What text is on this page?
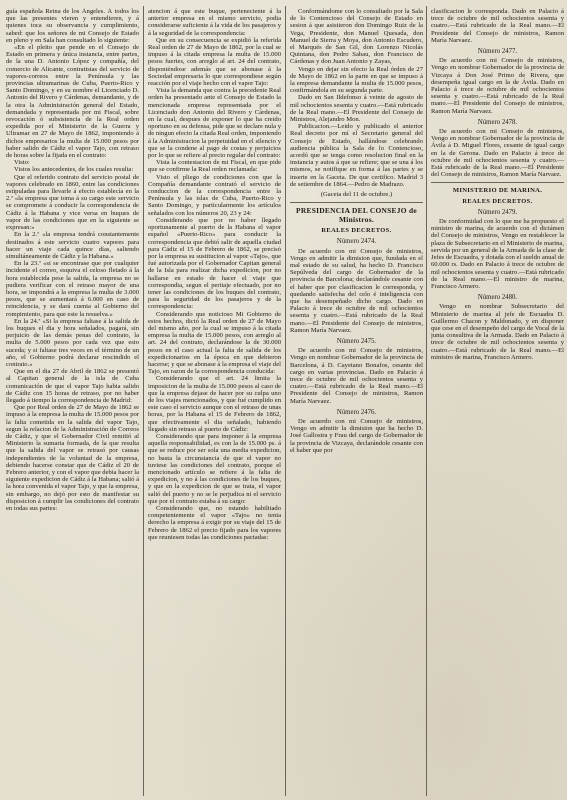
guía española Reina de los Ángeles. Á todos los que las presentes vieren y entendieren, y á quienes toca su observancia y cumplimiento, sabed: que los señores de mi Consejo de Estado en pleno y en Sala han consultado lo siguiente:

«En el pleito que pende en el Consejo de Estado en primera y única instancia, entre partes, de la una D. Antonio López y compañía, del comercio de Alicante, contratistas del servicio de vapores-correos entre la Península y las provincias ultramarinas de Cuba, Puerto-Rico y Santo Domingo, y en su nombre el Licenciado D. Antonio del Rivero y Cárdenas, demandante, y de la otra la Administración general del Estado, demandada y representada por mi Fiscal, sobre revocación ó subsistencia de la Real orden expedida por el Ministerio de la Guerra y Ultramar en 27 de Mayo de 1862, imponiendo á dichos empresarios la multa de 15.000 pesos por haber salido de Cádiz el vapor Tajo, con retraso de horas sobre la fijada en el contrato:

Visto:

Vistos los antecedentes, de los cuales resulta:

Que el referido contrato del servicio postal de vapores celebrado en 1860, entre las condiciones estipuladas para llevarle á efecto establecía en la 2.ª «la empresa que toma á su cargo este servicio se compromete á conducir la correspondencia de Cádiz á la Habana y vice versa en buques de vapor de las condiciones que en la siguiente se expresan:»

En la 2.ª «la empresa tendrá constantemente destinados á este servicio cuatro vapores para hacer un viaje cada quince días, saliendo simultáneamente de Cádiz y la Habana.»

En la 23.ª «si se encontrase que por cualquier incidente el correo, esquiva el celoso fletado á la hora establecida pese la salida, la empresa no se pudiera verificar con el retraso mayor de una hora, se impondrá a la empresa la multa de 3.000 pesos, que se aumentará á 6.000 en caso de reincidencia, y se dará cuenta al Gobierno del rompimiento, para que este la resuelva.»

En la 24.ª «Si la empresa faltase á la salida de los buques el dia y hora señalados, pagará, sin perjuicio de las demás penas del contrato, la multa de 5.000 pesos por cada vez que esto suceda; y si faltase tres veces en el término de un año, el Gobierno podrá declarar rescindido el contrato.»

Que en el dia 27 de Abril de 1862 se presentó al Capitan general de la isla de Cuba comunicación de que el vapor Tajo habia salido de Cádiz con 15 horas de retraso, por no haber llegado á tiempo la correspondencia de Madrid:

Que por Real orden de 27 de Mayo de 1862 se impuso á la empresa la multa de 15.000 pesos por la falta cometida en la salida del vapor Tajo, segun la relacion de la Administración de Correos de Cádiz, y que el Gobernador Civil remitió al Ministerio la sumaria formada, de la que resulta que la salida del vapor se retrasó por causas independientes de la voluntad de la empresa, debiendo hacerse constar que de Cádiz el 20 de Febrero anterior, y con el vapor que debia hacer la siguiente expedicion de Cádiz á la Habana; salió á la hora convenida el vapor Tajo, y que la empresa, sin embargo, no dejó por esto de manifestar su disposicion á cumplir las condiciones del contrato en todas sus partes:

atencion á que este buque, perteneciente á la anterior empresa en el mismo servicio, podia considerarse suficiente á la vida de los pasajeros y á la seguridad de la correspondencia:

Que en su consecuencia se expidió la referida Real orden de 27 de Mayo de 1862, por la cual se impuso á la citada empresa la multa de 15.000 pesos fuertes, con arreglo al art. 24 del contrato, disponiéndose además que se abonase á la Sociedad empresaria lo que correspondiese según reacción por el viaje hecho con el vapor Tajo:

Vista la demanda que contra la precedente Real orden ha presentado ante el Consejo de Estado la mencionada empresa representada por el Licenciado don Antonio del Rivero y Cárdenas, en la cual, despues de exponer lo que ha creido oportuno en su defensa, pide que se declare nula y de ningun efecto la citada Real orden, imponiendo á la Administracion la perpetuidad en el silencio y que se la condene al pago de costas y perjuicios por lo que se refiere al precio regular del contrato:

Vista la contestacion de mi Fiscal, en que pide que se confirme la Real orden reclamada:

Visto el pliego de condiciones con que la Compañía demandante contrató el servicio de conduccion de la correspondencia entre la Península y las islas de Cuba, Puerto-Rico y Santo Domingo, y particularmente los artículos señalados con los números 20, 23 y 24:

Considerando que por no haber llegado oportunamente al puerto de la Habana el vapor español «Puerto-Rico» para conducir la correspondencia que debió salir de aquella ciudad para Cádiz el 15 de Febrero de 1862, se precisó por la empresa su sustitucion al vapor «Tajo», que fué autorizada por el Gobernador Capitan general de la Isla para realizar dicha expedicion, por no hallarse en estado de hacer el viaje que correspondia, segun el peritaje efectuado, por no tener las condiciones de los buques del contrato, para la seguridad de los pasajeros y de la correspondencia:

Considerando que noticioso Mi Gobierno de estos hechos, dictó la Real orden de 27 de Mayo del mismo año, por la cual se impuso á la citada empresa la multa de 15.000 pesos, con arreglo al art. 24 del contrato, declarándose la de 30.000 pesos en el caso actual la falta de salida de los expedicionarios en la época en que debieron hacerse; y que se abonase á la empresa el viaje del Tajo, en razon de la correspondencia conducida:

Considerando que el art. 24 limita la imposicion de la multa de 15.000 pesos al caso de que la empresa dejase de hacer por su culpa uno de los viajes mencionados, y que fué cumplido en este caso el servicio aunque con el retraso de unas horas, por la Habana el 15 de Febrero de 1862, que efectivamente el dia señalado, habiendo llegado sin retraso al puerto de Cádiz:

Considerando que para imponer á la empresa aquella responsabilidad, es con la de 15.000 ps. á que se reduce por ser sola una media expedicion, no basta la circunstancia de que el vapor no tuviese las condiciones del contrato, porque el mencionado artículo se refiere á la falta de expedicion, y no á las condiciones de los buques, y que en la expedicion de que se trata, el vapor salió del puerto y no se le perjudica ni el servicio que por el contrato estaba á su cargo:

Considerando que, no estando habilitado competentemente el vapor «Tajo» no tenia derecho la empresa á exigir por su viaje del 15 de Febrero de 1862 el precio fijado para los vapores que reuniesen todas las condiciones pactadas:

Conformándome con lo consultado por la Sala de lo Contencioso del Consejo de Estado en sesion á que asistieron don Domingo Ruiz de la Vega, Presidente, don Manuel Quesada, don Manuel de Sierra y Moya, don Antonio Escudero, el Marqués de San Gil, don Lorenzo Nicolás Quintana, don Pedro Sabau, don Francisco de Cárdenas y don Juan Antonio y Zayas,

Vengo en dejar sin efecto la Real órden de 27 de Mayo de 1862 en la parte en que se impuso á la empresa demandante la multa de 15.000 pesos, confirmándola en su segunda parte.

Dado en San Ildefonso á veinte de agosto de mil ochocientos sesenta y cuatro.—Está rubricado de la Real mano.—El Presidente del Consejo de Ministros, Alejandro Mon.

Publicacion.—Leido y publicado el anterior Real decreto por mí el Secretario general del Consejo de Estado, hallándose celebrando audiencia pública la Sala de lo Contencioso, acordó que se tenga como resolucion final en la instancia y autos á que se refiere; que se una á los mismos, se notifique en forma á las partes y se inserte en la Gaceta. De que certifico. Madrid 3 de setiembre de 1864.—Pedro de Madrazo.

(Gaceta del 11 de octubre.)

PRESIDENCIA DEL CONSEJO de Ministros.

REALES DECRETOS.

Número 2474.

De acuerdo con mi Consejo de ministros, Vengo en admitir la dimision que, fundada en el mal estado de su salud, ha hecho D. Francisco Sepúlveda del cargo de Gobernador de la provincia de Barcelona; declarándole cesante con el haber que por clasificacion le corresponda, y quedando satisfecha del celo é inteligencia con que ha desempeñado dicho cargo. Dado en Palacio á trece de octubre de mil ochocientos sesenta y cuatro.—Está rubricado de la Real mano.—El Presidente del Consejo de ministros, Ramon María Narvaez.

Número 2475.

De acuerdo con mi Consejo de ministros, Vengo en nombrar Gobernador de la provincia de Barcelona, á D. Cayetano Bonafos, cesante del cargo en varias provincias. Dado en Palacio á trece de octubre de mil ochocientos sesenta y cuatro.—Está rubricado de la Real mano.—El Presidente del Consejo de ministros, Ramon María Narvaez.

Número 2476.

De acuerdo con mi Consejo de ministros, Vengo en admitir la dimision que ha hecho D. José Gallostra y Frau del cargo de Gobernador de la provincia de Vizcaya, declarándole cesante con el haber que por

clasificacion le corresponda. Dado en Palacio á trece de octubre de mil ochocientos sesenta y cuatro.—Está rubricado de la Real mano.—El Presidente del Consejo de ministros, Ramon María Narvaez.

Número 2477.

De acuerdo con mi Consejo de ministros, Vengo en nombrar Gobernador de la provincia de Vizcaya á Don José Primo de Rivera, que desempeña igual cargo en la de Ávila. Dado en Palacio á trece de octubre de mil ochocientos sesenta y cuatro.—Está rubricado de la Real mano.—El Presidente del Consejo de ministros, Ramon María Narvaez.

Número 2478.

De acuerdo con mi Consejo de ministros, Vengo en nombrar Gobernador de la provincia de Ávila á D. Miguel Flores, cesante de igual cargo en la de Gerona. Dado en Palacio á trece de octubre de mil ochocientos sesenta y cuatro.—Está rubricado de la Real mano.—El Presidente del Consejo de ministros, Ramon María Narvaez.

MINISTERIO DE MARINA.

REALES DECRETOS.

Número 2479.

De conformidad con lo que me ha propuesto el ministro de marina, de acuerdo con el dictámen del Consejo de ministros, Vengo en restablecer la plaza de Subsecretario en el Ministerio de marina, servida por un general de la Armada de la clase de Jefes de Escuadra, y dotada con el sueldo anual de 60.000 rs. Dado en Palacio á trece de octubre de mil ochocientos sesenta y cuatro.—Está rubricado de la Real mano.—El ministro de marina, Francisco Armero.

Número 2480.

Vengo en nombrar Subsecretario del Ministerio de marina al jefe de Escuadra D. Guillermo Chacon y Maldonado, y en disponer que cese en el desempeño del cargo de Vocal de la junta consultiva de la Armada. Dado en Palacio á trece de octubre de mil ochocientos sesenta y cuatro.—Está rubricado de la Real mano.—El ministro de marina, Francisco Armero.
